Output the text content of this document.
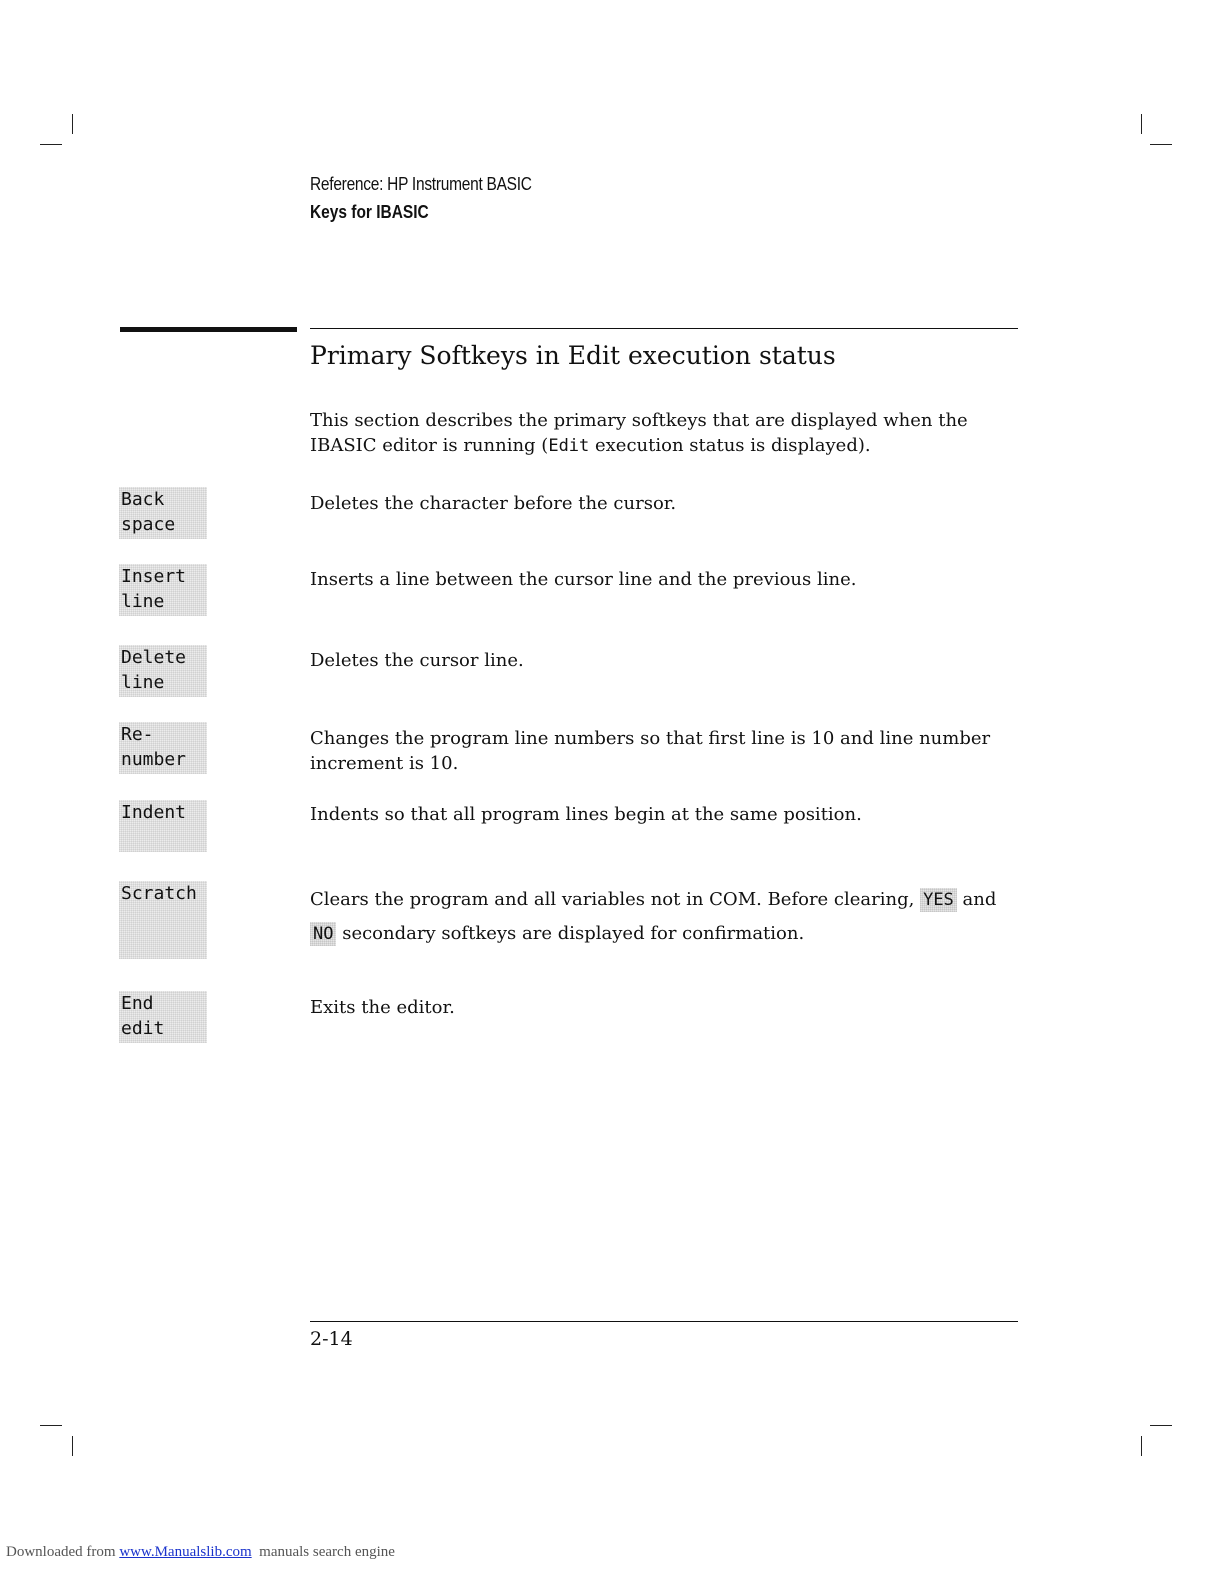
Reference: HP Instrument BASIC
Keys for IBASIC
Primary Softkeys in Edit execution status
This section describes the primary softkeys that are displayed when the IBASIC editor is running (Edit execution status is displayed).
Back
space
Deletes the character before the cursor.
Insert
line
Inserts a line between the cursor line and the previous line.
Delete
line
Deletes the cursor line.
Re-
number
Changes the program line numbers so that first line is 10 and line number increment is 10.
Indent	Indents so that all program lines begin at the same position.
Scratch	Clears the program and all variables not in COM. Before clearing, YES and
NO secondary softkeys are displayed for confirmation.
End
edit
Exits the editor.
2-14
Downloaded from www.Manualslib.com  manuals search engine
